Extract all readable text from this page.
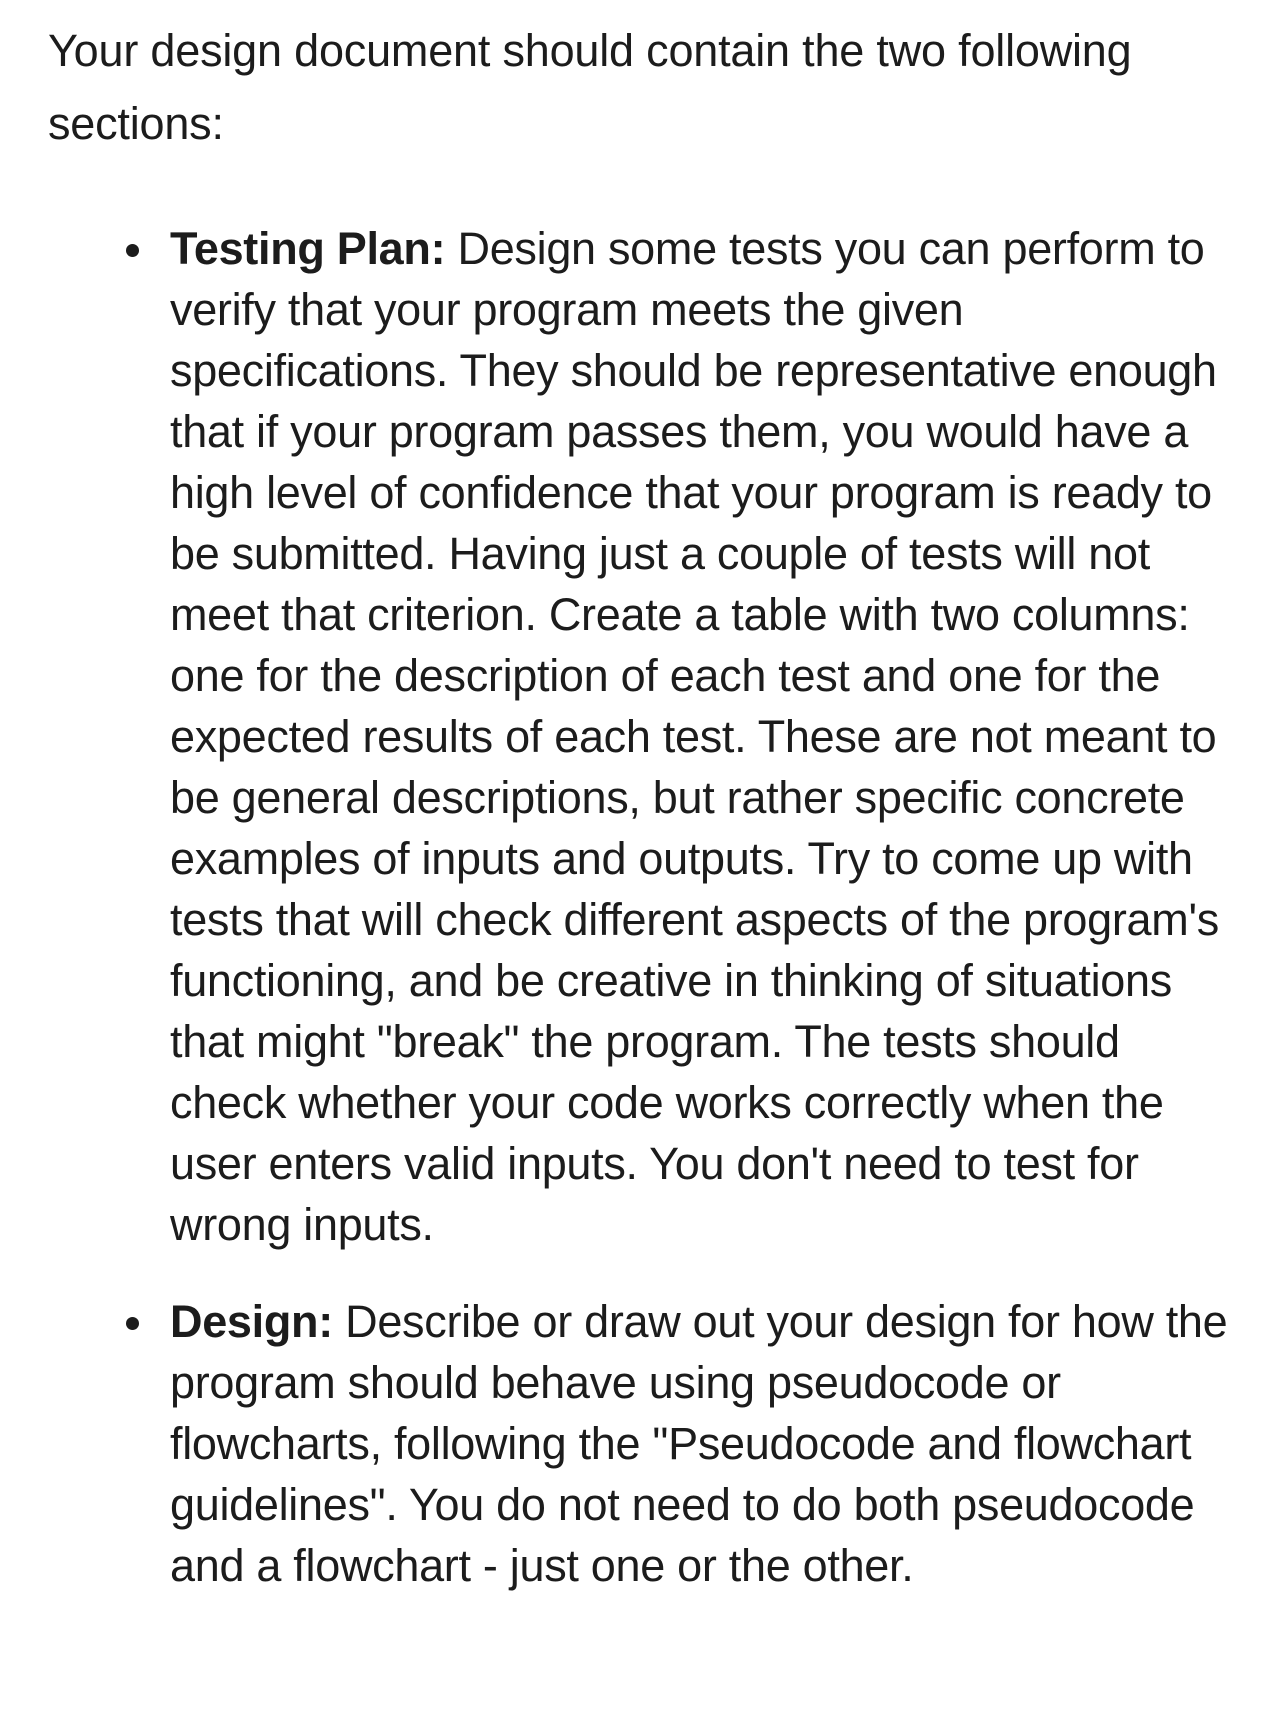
Your design document should contain the two following sections:

Testing Plan: Design some tests you can perform to verify that your program meets the given specifications. They should be representative enough that if your program passes them, you would have a high level of confidence that your program is ready to be submitted. Having just a couple of tests will not meet that criterion. Create a table with two columns: one for the description of each test and one for the expected results of each test. These are not meant to be general descriptions, but rather specific concrete examples of inputs and outputs. Try to come up with tests that will check different aspects of the program's functioning, and be creative in thinking of situations that might "break" the program. The tests should check whether your code works correctly when the user enters valid inputs. You don't need to test for wrong inputs.
Design: Describe or draw out your design for how the program should behave using pseudocode or flowcharts, following the "Pseudocode and flowchart guidelines". You do not need to do both pseudocode and a flowchart - just one or the other.
